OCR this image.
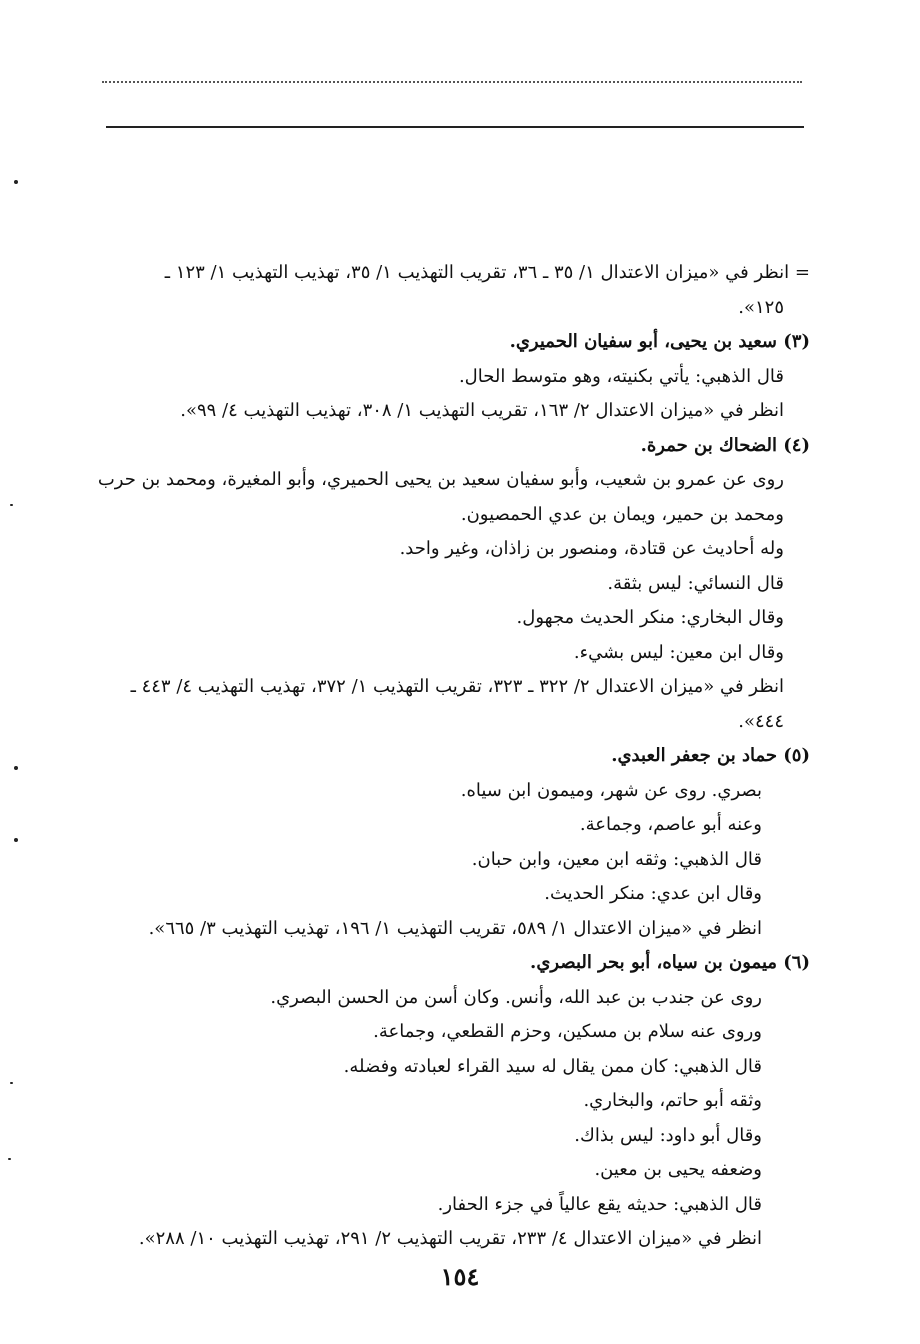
= انظر في «ميزان الاعتدال ١/ ٣٥ ـ ٣٦، تقريب التهذيب ١/ ٣٥، تهذيب التهذيب ١/ ١٢٣ ـ
١٢٥».
(٣) سعيد بن يحيى، أبو سفيان الحميري.
قال الذهبي: يأتي بكنيته، وهو متوسط الحال.
انظر في «ميزان الاعتدال ٢/ ١٦٣، تقريب التهذيب ١/ ٣٠٨، تهذيب التهذيب ٤/ ٩٩».
(٤) الضحاك بن حمرة.
روى عن عمرو بن شعيب، وأبو سفيان سعيد بن يحيى الحميري، وأبو المغيرة، ومحمد بن حرب
ومحمد بن حمير، ويمان بن عدي الحمصيون.
وله أحاديث عن قتادة، ومنصور بن زاذان، وغير واحد.
قال النسائي: ليس بثقة.
وقال البخاري: منكر الحديث مجهول.
وقال ابن معين: ليس بشيء.
انظر في «ميزان الاعتدال ٢/ ٣٢٢ ـ ٣٢٣، تقريب التهذيب ١/ ٣٧٢، تهذيب التهذيب ٤/ ٤٤٣ ـ
٤٤٤».
(٥) حماد بن جعفر العبدي.
بصري. روى عن شهر، وميمون ابن سياه.
وعنه أبو عاصم، وجماعة.
قال الذهبي: وثقه ابن معين، وابن حبان.
وقال ابن عدي: منكر الحديث.
انظر في «ميزان الاعتدال ١/ ٥٨٩، تقريب التهذيب ١/ ١٩٦، تهذيب التهذيب ٣/ ٦٦٥».
(٦) ميمون بن سياه، أبو بحر البصري.
روى عن جندب بن عبد الله، وأنس. وكان أسن من الحسن البصري.
وروى عنه سلام بن مسكين، وحزم القطعي، وجماعة.
قال الذهبي: كان ممن يقال له سيد القراء لعبادته وفضله.
وثقه أبو حاتم، والبخاري.
وقال أبو داود: ليس بذاك.
وضعفه يحيى بن معين.
قال الذهبي: حديثه يقع عالياً في جزء الحفار.
انظر في «ميزان الاعتدال ٤/ ٢٣٣، تقريب التهذيب ٢/ ٢٩١، تهذيب التهذيب ١٠/ ٢٨٨».
١٥٤
